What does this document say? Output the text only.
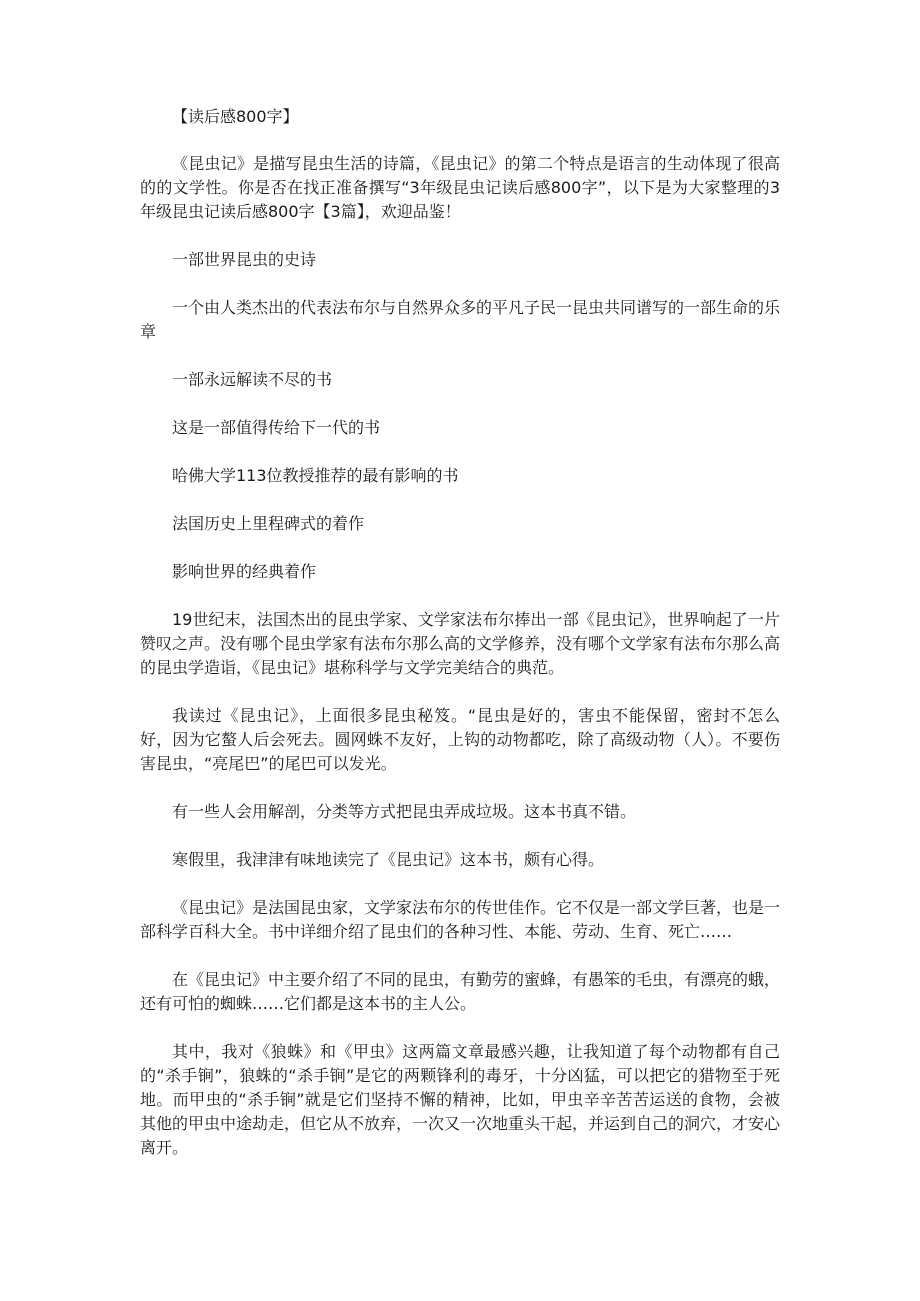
【读后感800字】

《昆虫记》是描写昆虫生活的诗篇，《昆虫记》的第二个特点是语言的生动体现了很高的的文学性。你是否在找正准备撰写“3年级昆虫记读后感800字”，以下是为大家整理的3年级昆虫记读后感800字【3篇】，欢迎品鉴！

一部世界昆虫的史诗

一个由人类杰出的代表法布尔与自然界众多的平凡子民一昆虫共同谱写的一部生命的乐章

一部永远解读不尽的书

这是一部值得传给下一代的书

哈佛大学113位教授推荐的最有影响的书

法国历史上里程碑式的着作

影响世界的经典着作

19世纪末，法国杰出的昆虫学家、文学家法布尔捧出一部《昆虫记》，世界响起了一片赞叹之声。没有哪个昆虫学家有法布尔那么高的文学修养，没有哪个文学家有法布尔那么高的昆虫学造诣，《昆虫记》堪称科学与文学完美结合的典范。

我读过《昆虫记》，上面很多昆虫秘笈。“昆虫是好的，害虫不能保留，密封不怎么好，因为它螯人后会死去。圆网蛛不友好，上钩的动物都吃，除了高级动物（人）。不要伤害昆虫，“亮尾巴”的尾巴可以发光。

有一些人会用解剖，分类等方式把昆虫弄成垃圾。这本书真不错。

寒假里，我津津有味地读完了《昆虫记》这本书，颇有心得。

《昆虫记》是法国昆虫家，文学家法布尔的传世佳作。它不仅是一部文学巨著，也是一部科学百科大全。书中详细介绍了昆虫们的各种习性、本能、劳动、生育、死亡……

在《昆虫记》中主要介绍了不同的昆虫，有勤劳的蜜蜂，有愚笨的毛虫，有漂亮的蛾，还有可怕的蜘蛛……它们都是这本书的主人公。

其中，我对《狼蛛》和《甲虫》这两篇文章最感兴趣，让我知道了每个动物都有自己的“杀手锏”，狼蛛的“杀手锏”是它的两颗锋利的毒牙，十分凶猛，可以把它的猎物至于死地。而甲虫的“杀手锏”就是它们坚持不懈的精神，比如，甲虫辛辛苦苦运送的食物，会被其他的甲虫中途劫走，但它从不放弃，一次又一次地重头干起，并运到自己的洞穴，才安心离开。
